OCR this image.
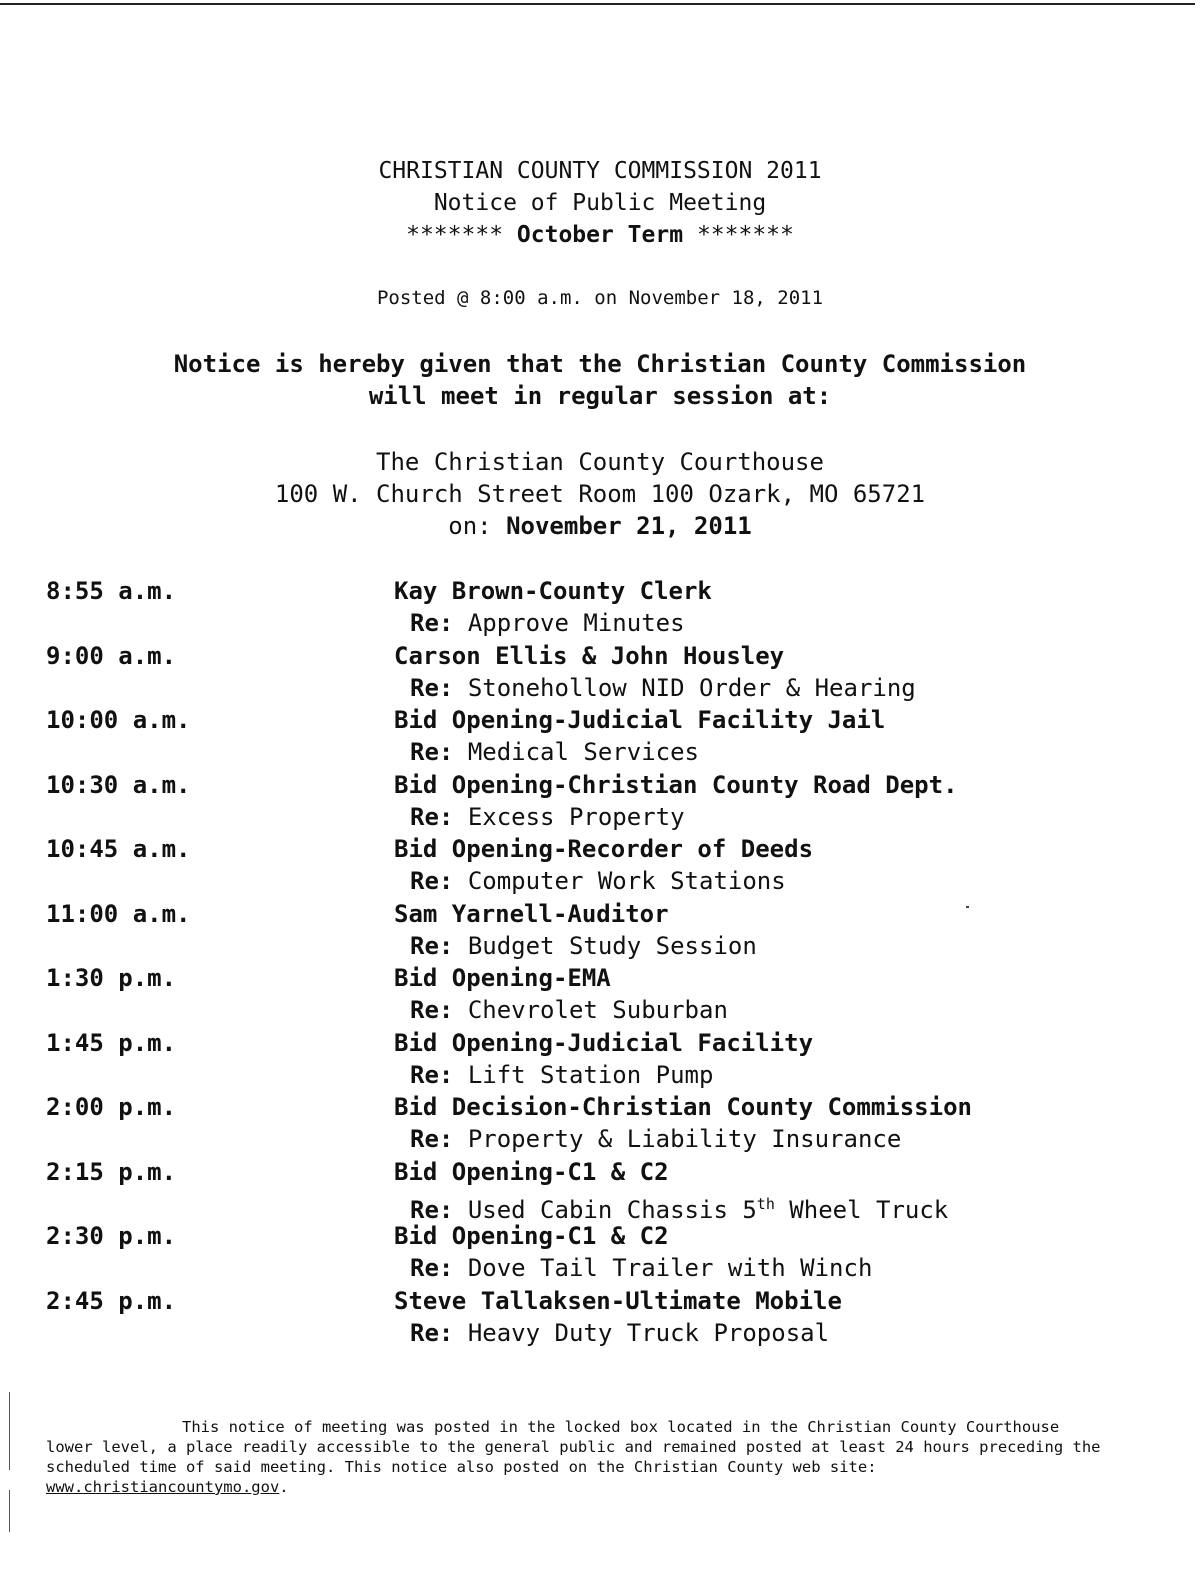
CHRISTIAN COUNTY COMMISSION 2011
Notice of Public Meeting
******* October Term *******
Posted @ 8:00 a.m. on November 18, 2011
Notice is hereby given that the Christian County Commission
will meet in regular session at:
The Christian County Courthouse
100 W. Church Street Room 100 Ozark, MO 65721
on: November 21, 2011
8:55 a.m.	Kay Brown-County Clerk
Re: Approve Minutes
9:00 a.m.	Carson Ellis & John Housley
Re: Stonehollow NID Order & Hearing
10:00 a.m.	Bid Opening-Judicial Facility Jail
Re: Medical Services
10:30 a.m.	Bid Opening-Christian County Road Dept.
Re: Excess Property
10:45 a.m.	Bid Opening-Recorder of Deeds
Re: Computer Work Stations
11:00 a.m.	Sam Yarnell-Auditor
Re: Budget Study Session
1:30 p.m.	Bid Opening-EMA
Re: Chevrolet Suburban
1:45 p.m.	Bid Opening-Judicial Facility
Re: Lift Station Pump
2:00 p.m.	Bid Decision-Christian County Commission
Re: Property & Liability Insurance
2:15 p.m.	Bid Opening-C1 & C2
Re: Used Cabin Chassis 5th Wheel Truck
2:30 p.m.	Bid Opening-C1 & C2
Re: Dove Tail Trailer with Winch
2:45 p.m.	Steve Tallaksen-Ultimate Mobile
Re: Heavy Duty Truck Proposal
This notice of meeting was posted in the locked box located in the Christian County Courthouse
lower level, a place readily accessible to the general public and remained posted at least 24 hours preceding the
scheduled time of said meeting. This notice also posted on the Christian County web site:
www.christiancountymo.gov.
